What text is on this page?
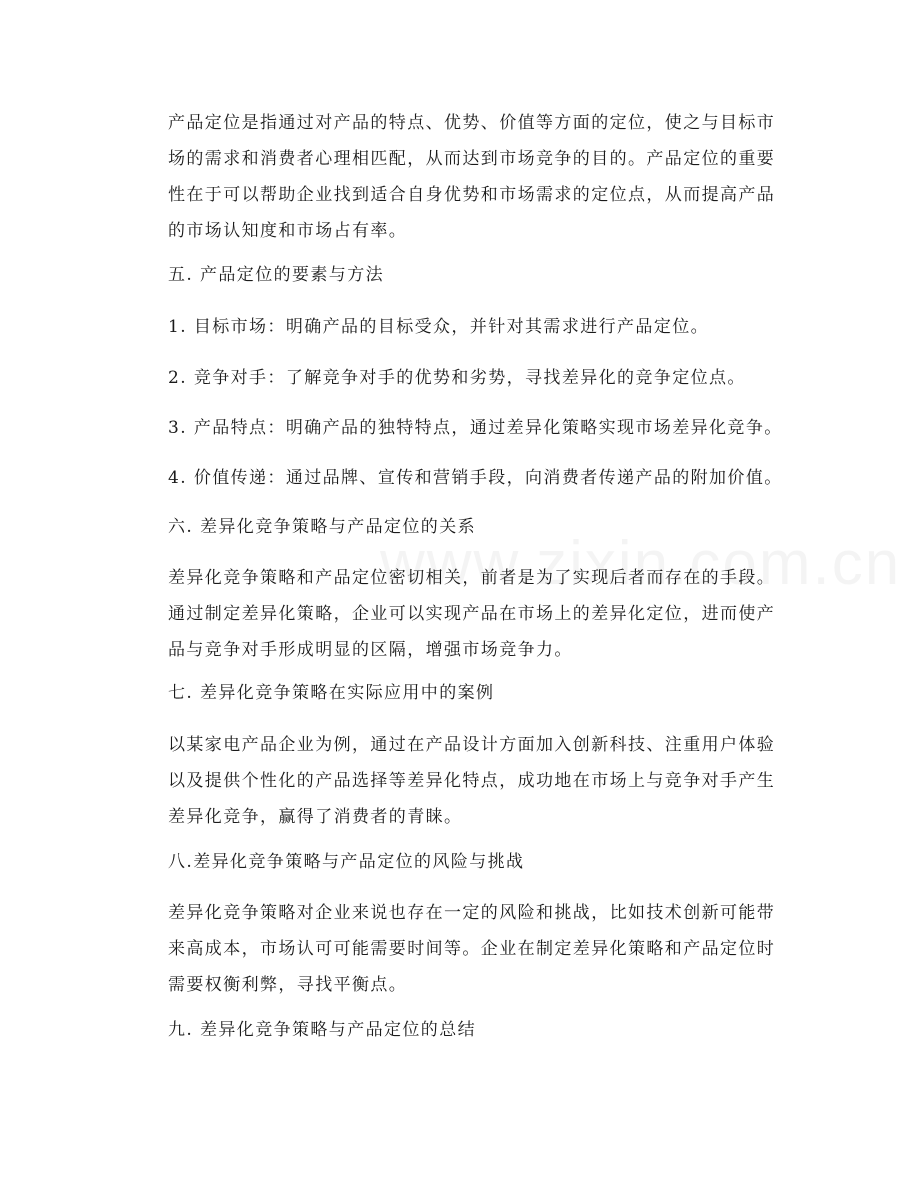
产品定位是指通过对产品的特点、优势、价值等方面的定位，使之与目标市场的需求和消费者心理相匹配，从而达到市场竞争的目的。产品定位的重要性在于可以帮助企业找到适合自身优势和市场需求的定位点，从而提高产品的市场认知度和市场占有率。

五. 产品定位的要素与方法

1. 目标市场：明确产品的目标受众，并针对其需求进行产品定位。

2. 竞争对手：了解竞争对手的优势和劣势，寻找差异化的竞争定位点。

3. 产品特点：明确产品的独特特点，通过差异化策略实现市场差异化竞争。

4. 价值传递：通过品牌、宣传和营销手段，向消费者传递产品的附加价值。

六. 差异化竞争策略与产品定位的关系

差异化竞争策略和产品定位密切相关，前者是为了实现后者而存在的手段。通过制定差异化策略，企业可以实现产品在市场上的差异化定位，进而使产品与竞争对手形成明显的区隔，增强市场竞争力。

七. 差异化竞争策略在实际应用中的案例

以某家电产品企业为例，通过在产品设计方面加入创新科技、注重用户体验以及提供个性化的产品选择等差异化特点，成功地在市场上与竞争对手产生差异化竞争，赢得了消费者的青睐。

八.差异化竞争策略与产品定位的风险与挑战

差异化竞争策略对企业来说也存在一定的风险和挑战，比如技术创新可能带来高成本，市场认可可能需要时间等。企业在制定差异化策略和产品定位时需要权衡利弊，寻找平衡点。

九. 差异化竞争策略与产品定位的总结
